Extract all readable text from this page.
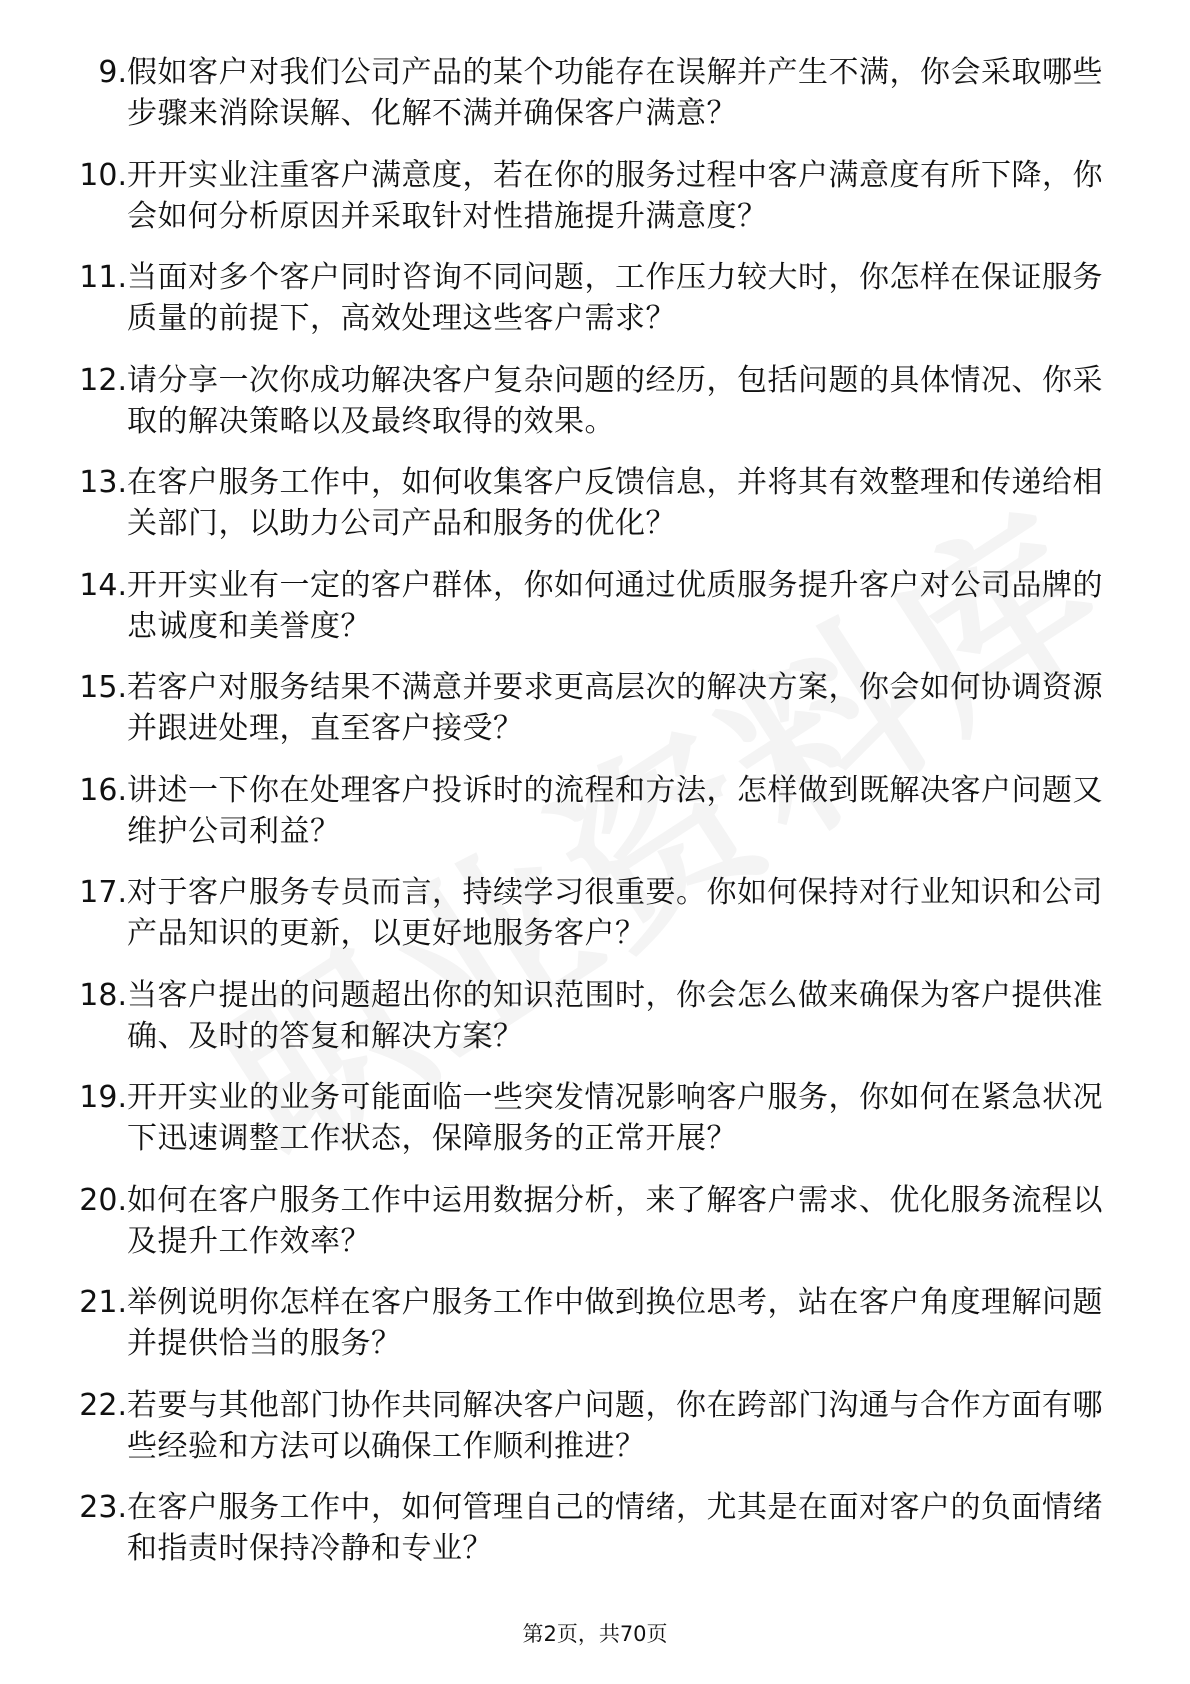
9. 假如客户对我们公司产品的某个功能存在误解并产生不满，你会采取哪些步骤来消除误解、化解不满并确保客户满意？
10. 开开实业注重客户满意度，若在你的服务过程中客户满意度有所下降，你会如何分析原因并采取针对性措施提升满意度？
11. 当面对多个客户同时咨询不同问题，工作压力较大时，你怎样在保证服务质量的前提下，高效处理这些客户需求？
12. 请分享一次你成功解决客户复杂问题的经历，包括问题的具体情况、你采取的解决策略以及最终取得的效果。
13. 在客户服务工作中，如何收集客户反馈信息，并将其有效整理和传递给相关部门，以助力公司产品和服务的优化？
14. 开开实业有一定的客户群体，你如何通过优质服务提升客户对公司品牌的忠诚度和美誉度？
15. 若客户对服务结果不满意并要求更高层次的解决方案，你会如何协调资源并跟进处理，直至客户接受？
16. 讲述一下你在处理客户投诉时的流程和方法，怎样做到既解决客户问题又维护公司利益？
17. 对于客户服务专员而言，持续学习很重要。你如何保持对行业知识和公司产品知识的更新，以更好地服务客户？
18. 当客户提出的问题超出你的知识范围时，你会怎么做来确保为客户提供准确、及时的答复和解决方案？
19. 开开实业的业务可能面临一些突发情况影响客户服务，你如何在紧急状况下迅速调整工作状态，保障服务的正常开展？
20. 如何在客户服务工作中运用数据分析，来了解客户需求、优化服务流程以及提升工作效率？
21. 举例说明你怎样在客户服务工作中做到换位思考，站在客户角度理解问题并提供恰当的服务？
22. 若要与其他部门协作共同解决客户问题，你在跨部门沟通与合作方面有哪些经验和方法可以确保工作顺利推进？
23. 在客户服务工作中，如何管理自己的情绪，尤其是在面对客户的负面情绪和指责时保持冷静和专业？
第2页，共70页
